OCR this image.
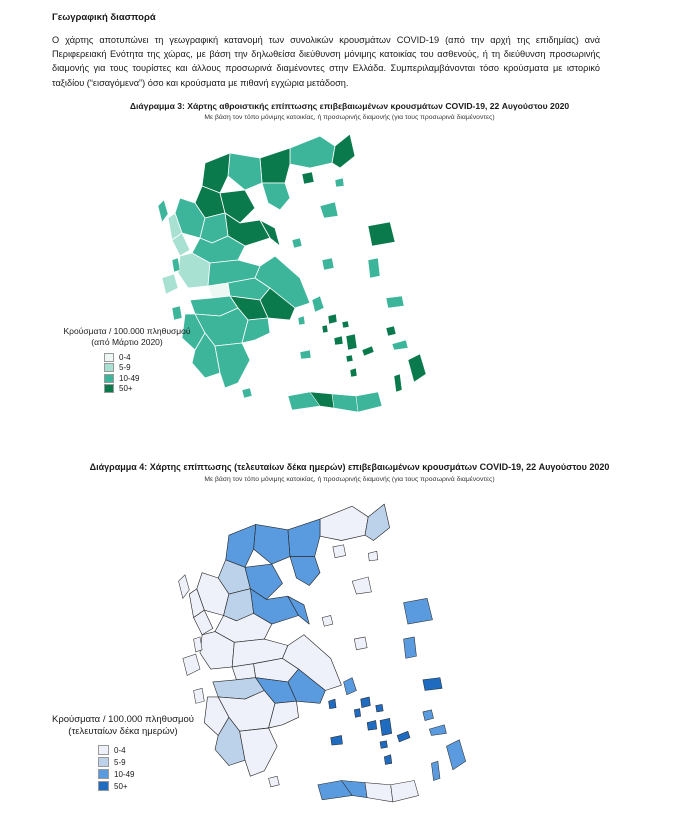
Γεωγραφική διασπορά
Ο χάρτης αποτυπώνει τη γεωγραφική κατανομή των συνολικών κρουσμάτων COVID-19 (από την αρχή της επιδημίας) ανά Περιφερειακή Ενότητα της χώρας, με βάση την δηλωθείσα διεύθυνση μόνιμης κατοικίας του ασθενούς, ή τη διεύθυνση προσωρινής διαμονής για τους τουρίστες και άλλους προσωρινά διαμένοντες στην Ελλάδα. Συμπεριλαμβάνονται τόσο κρούσματα με ιστορικό ταξιδίου (“εισαγόμενα”) όσο και κρούσματα με πιθανή εγχώρια μετάδοση.
Διάγραμμα 3: Χάρτης αθροιστικής επίπτωσης επιβεβαιωμένων κρουσμάτων COVID-19, 22 Αυγούστου 2020
Με βάση τον τόπο μόνιμης κατοικίας, ή προσωρινής διαμονής (για τους προσωρινά διαμένοντες)
Κρούσματα / 100.000 πληθυσμού
(από Μάρτιο 2020)
0-4
5-9
10-49
50+
Διάγραμμα 4: Χάρτης επίπτωσης (τελευταίων δέκα ημερών) επιβεβαιωμένων κρουσμάτων COVID-19, 22 Αυγούστου 2020
Με βάση τον τόπο μόνιμης κατοικίας, ή προσωρινής διαμονής (για τους προσωρινά διαμένοντες)
Κρούσματα / 100.000 πληθυσμού
(τελευταίων δέκα ημερών)
0-4
5-9
10-49
50+
